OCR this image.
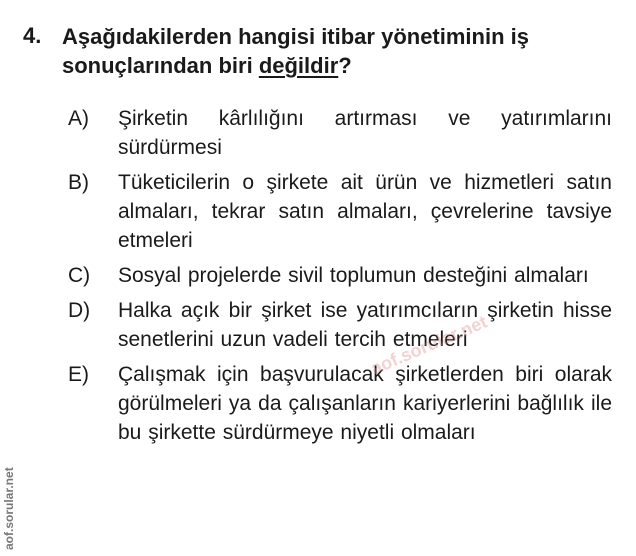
4. Aşağıdakilerden hangisi itibar yönetiminin iş sonuçlarından biri değildir?
A)	Şirketin kârlılığını artırması ve yatırımlarını sürdürmesi
B)	Tüketicilerin o şirkete ait ürün ve hizmetleri satın almaları, tekrar satın almaları, çevrelerine tavsiye etmeleri
C)	Sosyal projelerde sivil toplumun desteğini almaları
D)	Halka açık bir şirket ise yatırımcıların şirketin hisse senetlerini uzun vadeli tercih etmeleri
E)	Çalışmak için başvurulacak şirketlerden biri olarak görülmeleri ya da çalışanların kariyerlerini bağlılık ile bu şirkette sürdürmeye niyetli olmaları
aof.sorular.net
aof.sorular.net
